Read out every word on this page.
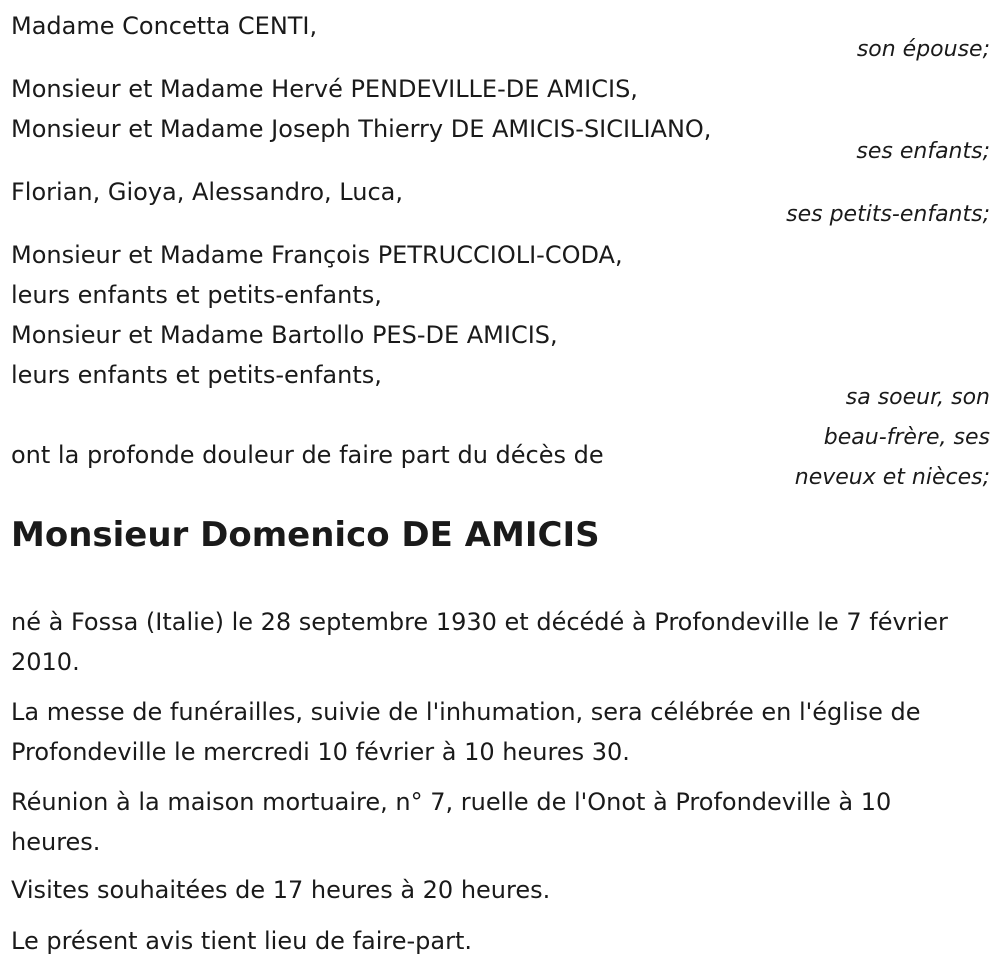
Madame Concetta CENTI,
son épouse;
Monsieur et Madame Hervé PENDEVILLE-DE AMICIS,
Monsieur et Madame Joseph Thierry DE AMICIS-SICILIANO,
ses enfants;
Florian, Gioya, Alessandro, Luca,
ses petits-enfants;
Monsieur et Madame François PETRUCCIOLI-CODA,
leurs enfants et petits-enfants,
Monsieur et Madame Bartollo PES-DE AMICIS,
leurs enfants et petits-enfants,
sa soeur, son
beau-frère, ses
neveux et nièces;
ont la profonde douleur de faire part du décès de
Monsieur Domenico DE AMICIS
né à Fossa (Italie) le 28 septembre 1930 et décédé à Profondeville le 7 février 2010.
La messe de funérailles, suivie de l'inhumation, sera célébrée en l'église de Profondeville le mercredi 10 février à 10 heures 30.
Réunion à la maison mortuaire, n° 7, ruelle de l'Onot à Profondeville à 10 heures.
Visites souhaitées de 17 heures à 20 heures.
Le présent avis tient lieu de faire-part.
